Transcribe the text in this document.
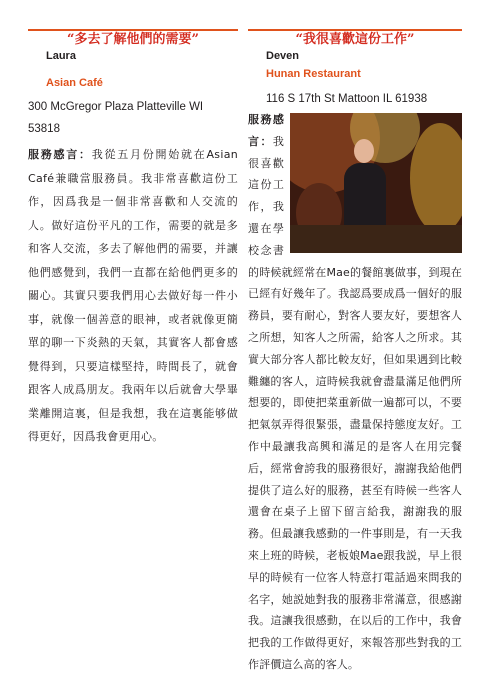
“多去了解他們的需要”
Laura
Asian Café
300 McGregor Plaza Platteville WI 53818
服務感言：我從五月份開始就在Asian Café兼職當服務員。我非常喜歡這份工作，因爲我是一個非常喜歡和人交流的人。做好這份平凡的工作，需要的就是多和客人交流，多去了解他們的需要，并讓他們感覺到，我們一直都在給他們更多的關心。其實只要我們用心去做好每一件小事，就像一個善意的眼神，或者就像更簡單的聊一下炎熱的天氣，其實客人都會感覺得到，只要這樣堅持，時間長了，就會跟客人成爲朋友。我兩年以后就會大學畢業離開這裏，但是我想，我在這裏能够做得更好，因爲我會更用心。
“我很喜歡這份工作”
Deven
Hunan Restaurant
116 S 17th St Mattoon IL 61938
服務感言：我很喜歡這份工作，我還在學校念書的時候就經常在Mae的餐館裏做事，到現在已經有好幾年了。我認爲要成爲一個好的服務員，要有耐心，對客人要友好，要想客人之所想，知客人之所需，給客人之所求。其實大部分客人都比較友好，但如果遇到比較難纏的客人，這時候我就會盡量滿足他們所想要的，即使把菜重新做一遍都可以，不要把氣氛弄得很緊張，盡量保持態度友好。工作中最讓我高興和滿足的是客人在用完餐后，經常會誇我的服務很好，謝謝我給他們提供了這么好的服務，甚至有時候一些客人還會在桌子上留下留言給我，謝謝我的服務。但最讓我感動的一件事則是，有一天我來上班的時候，老板娘Mae跟我説，早上很早的時候有一位客人特意打電話過來問我的名字，她説她對我的服務非常滿意，很感謝我。這讓我很感動，在以后的工作中，我會把我的工作做得更好，來報答那些對我的工作評價這么高的客人。
